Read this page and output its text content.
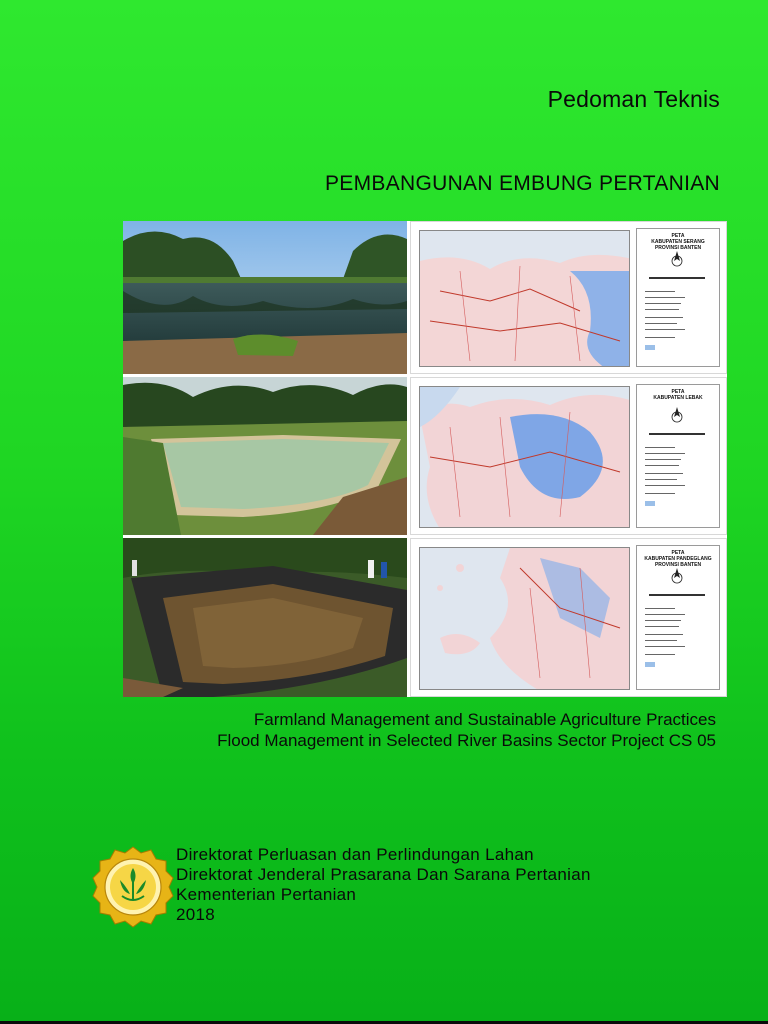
Pedoman Teknis
PEMBANGUNAN EMBUNG PERTANIAN
PETA
KABUPATEN SERANG
PROVINSI BANTEN
PETA
KABUPATEN LEBAK
PETA
KABUPATEN PANDEGLANG
PROVINSI BANTEN
Farmland Management and Sustainable Agriculture Practices
Flood Management in Selected River Basins Sector Project CS 05
Direktorat Perluasan dan Perlindungan Lahan
Direktorat Jenderal Prasarana Dan Sarana Pertanian
Kementerian Pertanian
2018
